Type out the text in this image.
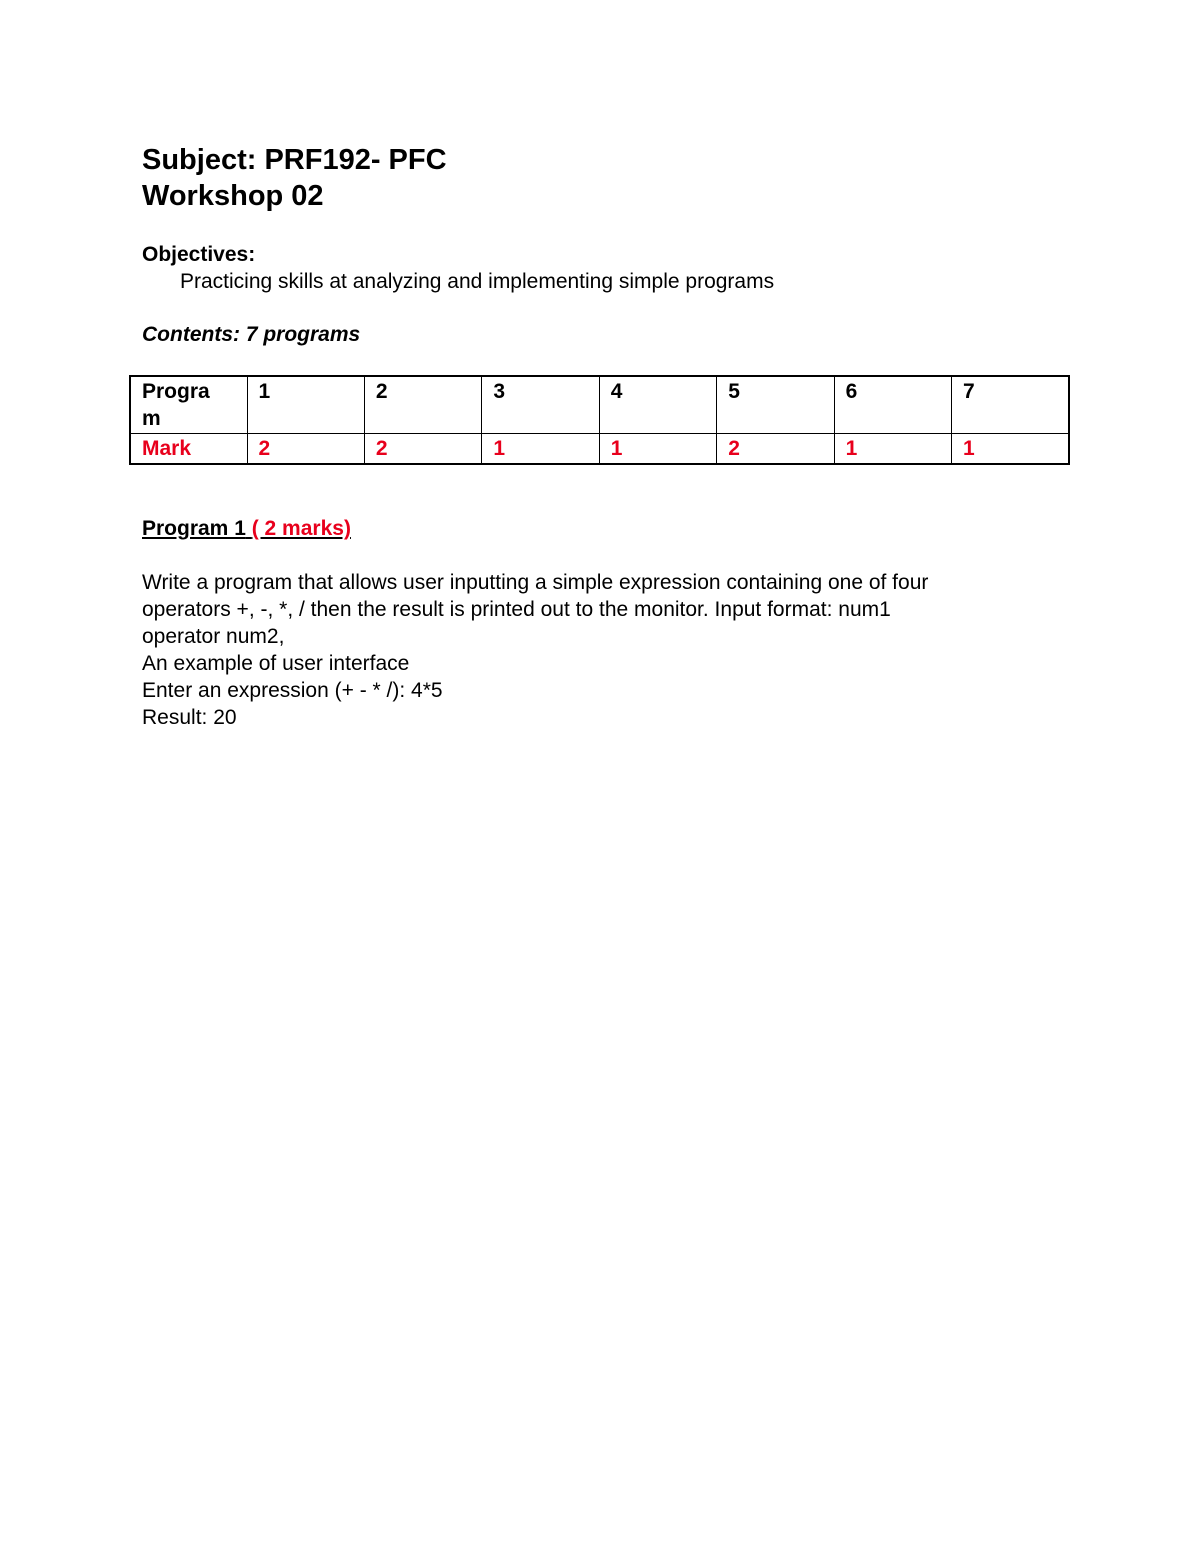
Subject: PRF192- PFC
Workshop 02
Objectives:
Practicing skills at analyzing and implementing simple programs
Contents: 7 programs
Progra
m	1	2	3	4	5	6	7
Mark	2	2	1	1	2	1	1
Program 1 ( 2 marks)
Write a program that allows user inputting a simple expression containing one of four
operators +, -, *, / then the result is printed out to the monitor. Input format: num1
operator num2,
An example of user interface
Enter an expression (+ - * /): 4*5
Result: 20
